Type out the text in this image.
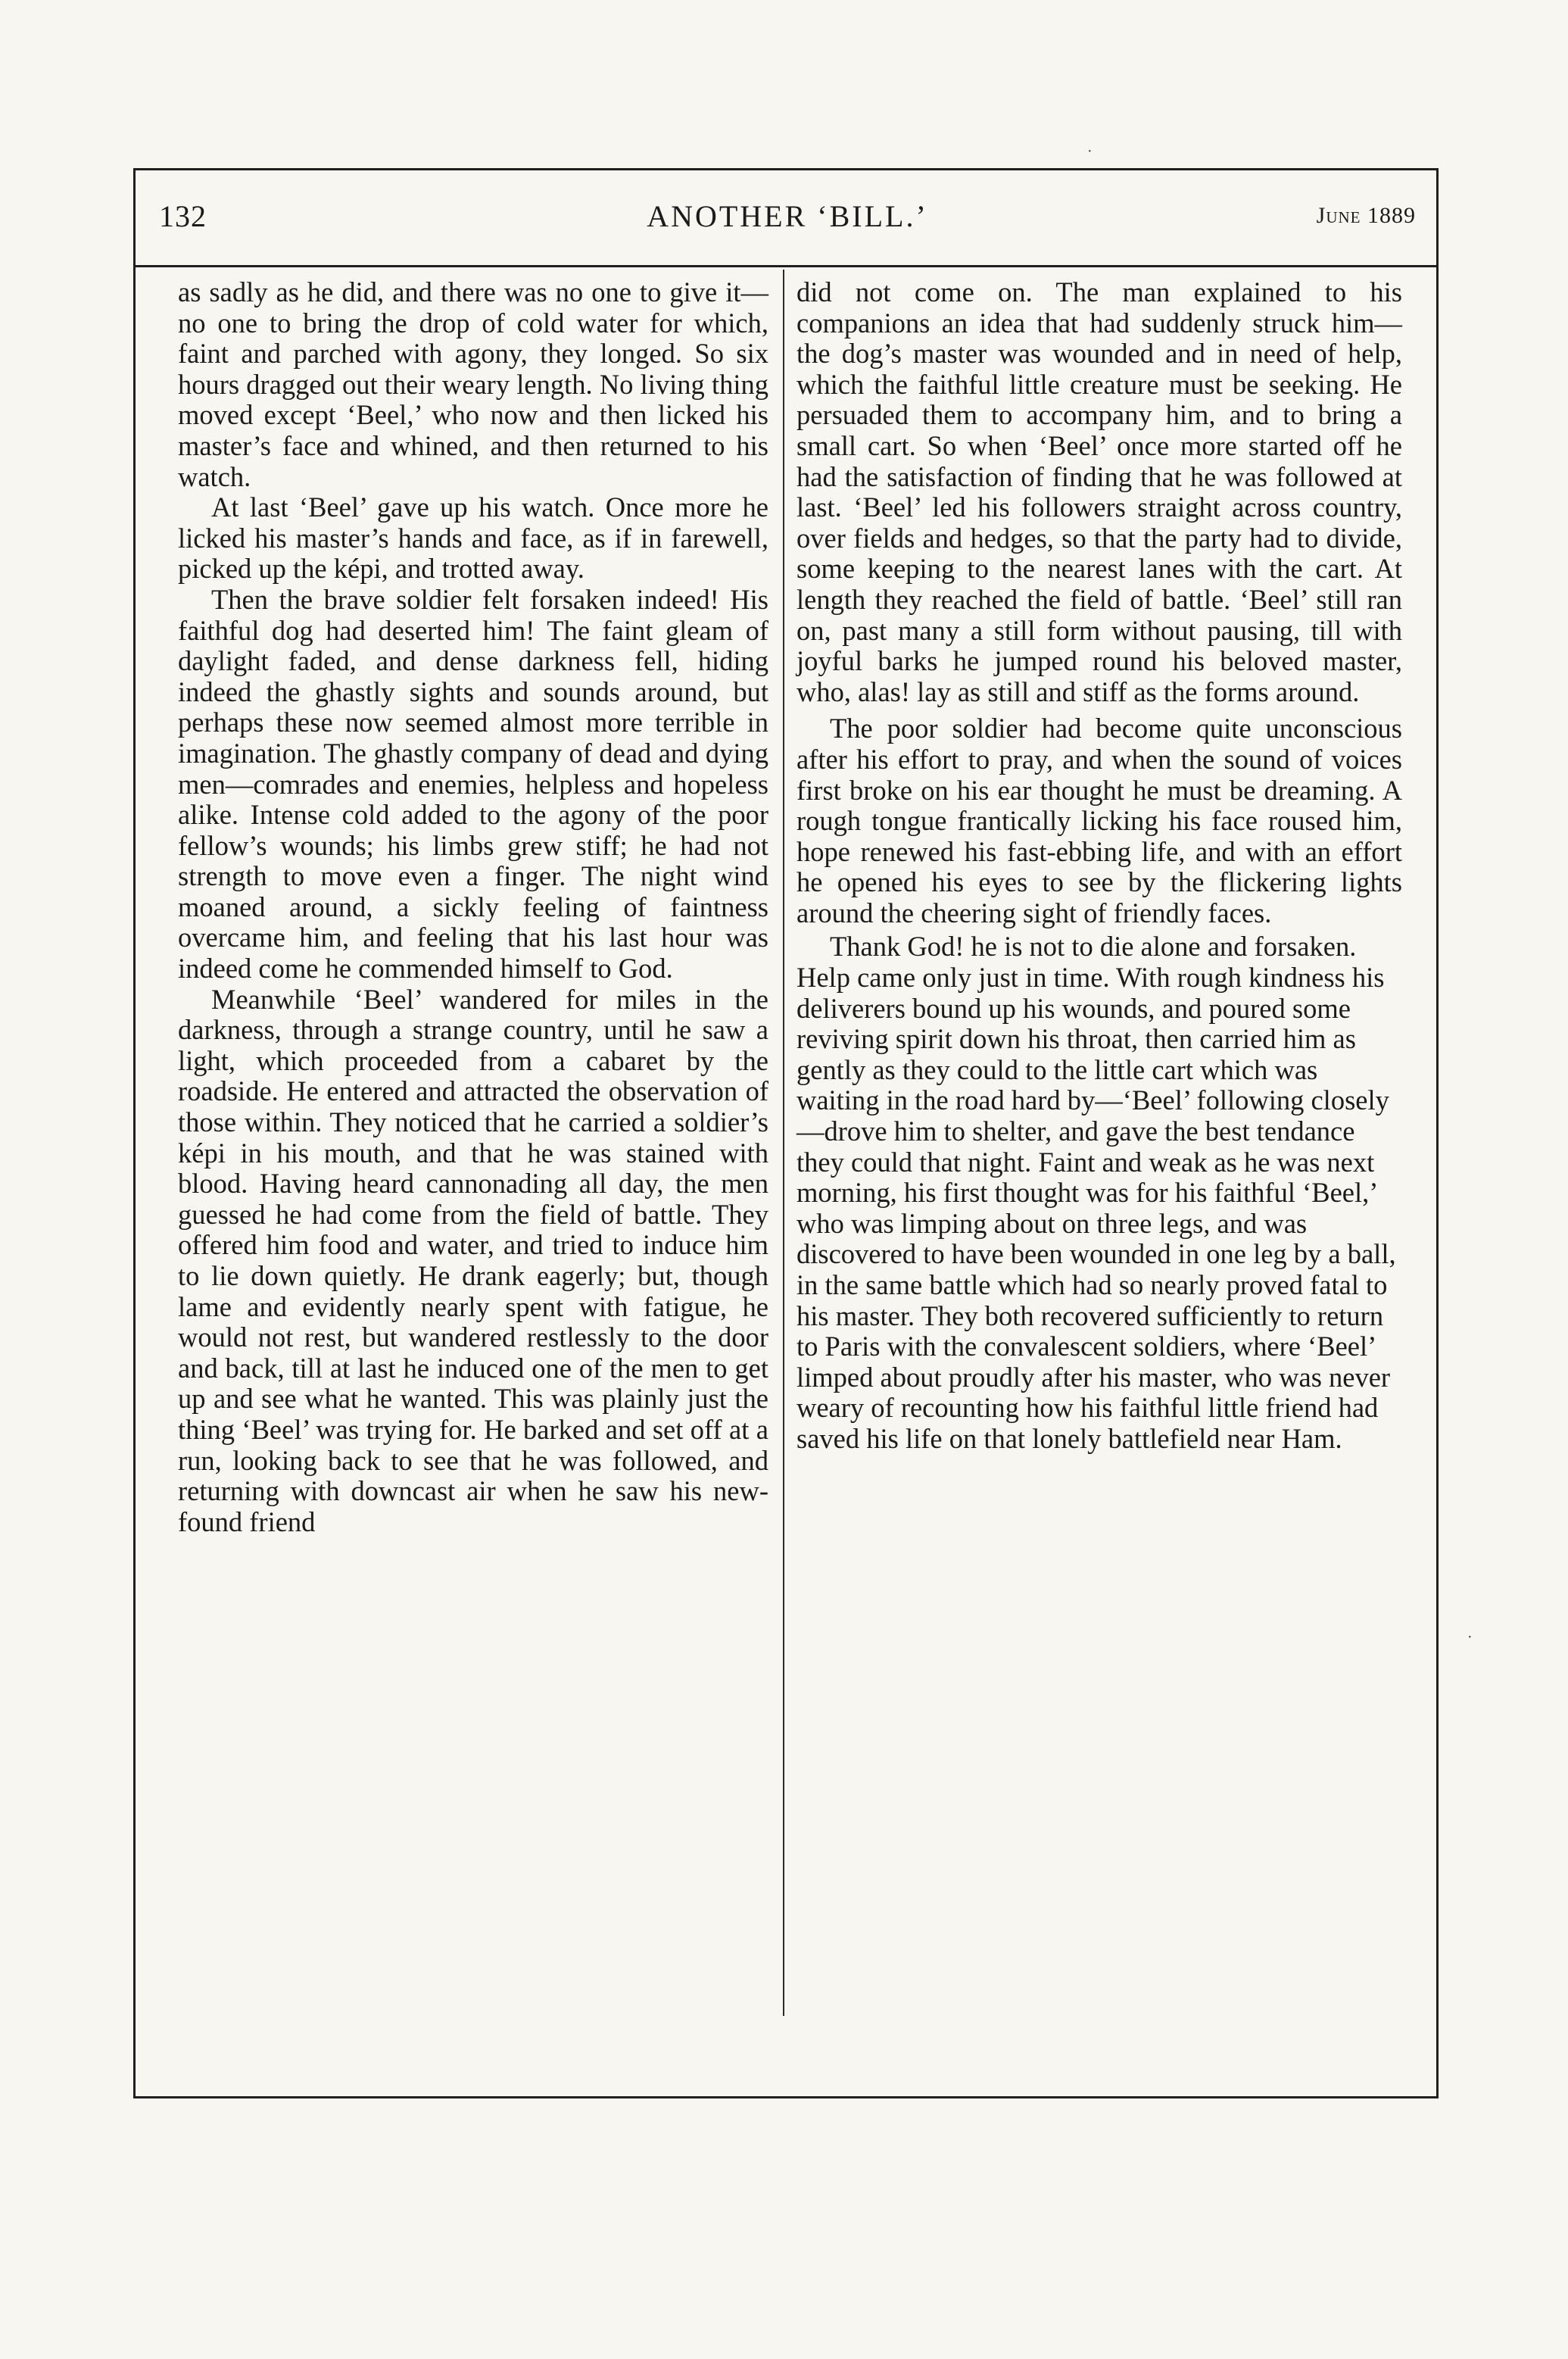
132	ANOTHER ‘BILL.’	June 1889

as sadly as he did, and there was no one to give it—no one to bring the drop of cold water for which, faint and parched with agony, they longed. So six hours dragged out their weary length. No living thing moved except ‘Beel,’ who now and then licked his master’s face and whined, and then returned to his watch.

At last ‘Beel’ gave up his watch. Once more he licked his master’s hands and face, as if in farewell, picked up the képi, and trotted away.

Then the brave soldier felt forsaken indeed! His faithful dog had deserted him! The faint gleam of daylight faded, and dense darkness fell, hiding indeed the ghastly sights and sounds around, but perhaps these now seemed almost more terrible in imagination. The ghastly company of dead and dying men—comrades and enemies, helpless and hopeless alike. Intense cold added to the agony of the poor fellow’s wounds; his limbs grew stiff; he had not strength to move even a finger. The night wind moaned around, a sickly feeling of faintness overcame him, and feeling that his last hour was indeed come he commended himself to God.

Meanwhile ‘Beel’ wandered for miles in the darkness, through a strange country, until he saw a light, which proceeded from a cabaret by the roadside. He entered and attracted the observation of those within. They noticed that he carried a soldier’s képi in his mouth, and that he was stained with blood. Having heard cannonading all day, the men guessed he had come from the field of battle. They offered him food and water, and tried to induce him to lie down quietly. He drank eagerly; but, though lame and evidently nearly spent with fatigue, he would not rest, but wandered restlessly to the door and back, till at last he induced one of the men to get up and see what he wanted. This was plainly just the thing ‘Beel’ was trying for. He barked and set off at a run, looking back to see that he was followed, and returning with downcast air when he saw his new-found friend

did not come on. The man explained to his companions an idea that had suddenly struck him—the dog’s master was wounded and in need of help, which the faithful little creature must be seeking. He persuaded them to accompany him, and to bring a small cart. So when ‘Beel’ once more started off he had the satisfaction of finding that he was followed at last. ‘Beel’ led his followers straight across country, over fields and hedges, so that the party had to divide, some keeping to the nearest lanes with the cart. At length they reached the field of battle. ‘Beel’ still ran on, past many a still form without pausing, till with joyful barks he jumped round his beloved master, who, alas! lay as still and stiff as the forms around.

The poor soldier had become quite unconscious after his effort to pray, and when the sound of voices first broke on his ear thought he must be dreaming. A rough tongue frantically licking his face roused him, hope renewed his fast-ebbing life, and with an effort he opened his eyes to see by the flickering lights around the cheering sight of friendly faces.

Thank God! he is not to die alone and forsaken. Help came only just in time. With rough kindness his deliverers bound up his wounds, and poured some reviving spirit down his throat, then carried him as gently as they could to the little cart which was waiting in the road hard by—‘Beel’ following closely—drove him to shelter, and gave the best tendance they could that night. Faint and weak as he was next morning, his first thought was for his faithful ‘Beel,’ who was limping about on three legs, and was discovered to have been wounded in one leg by a ball, in the same battle which had so nearly proved fatal to his master. They both recovered sufficiently to return to Paris with the convalescent soldiers, where ‘Beel’ limped about proudly after his master, who was never weary of recounting how his faithful little friend had saved his life on that lonely battlefield near Ham.

·
·
